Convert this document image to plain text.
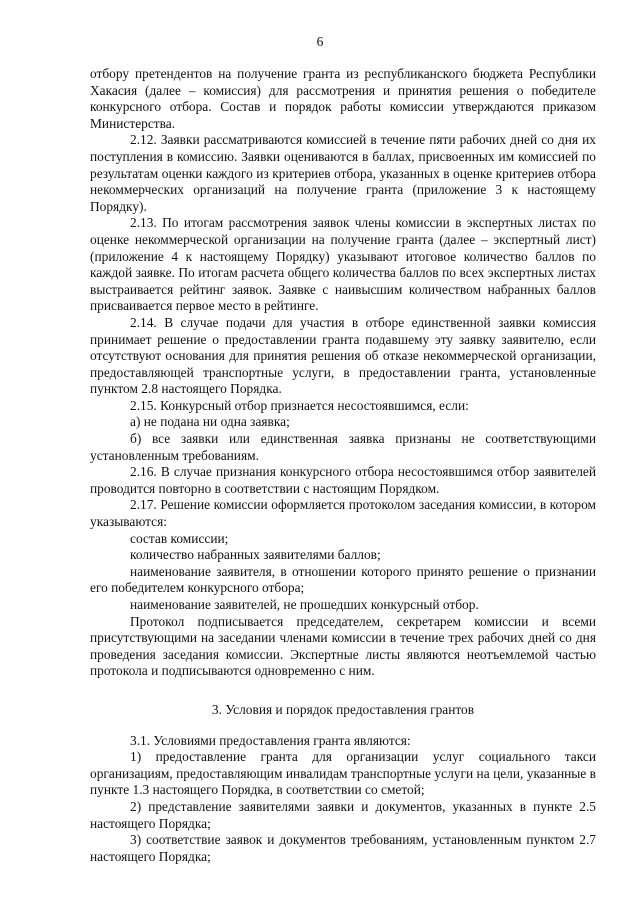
6

отбору претендентов на получение гранта из республиканского бюджета Республики Хакасия (далее – комиссия) для рассмотрения и принятия решения о победителе конкурсного отбора. Состав и порядок работы комиссии утверждаются приказом Министерства.

2.12. Заявки рассматриваются комиссией в течение пяти рабочих дней со дня их поступления в комиссию. Заявки оцениваются в баллах, присвоенных им комиссией по результатам оценки каждого из критериев отбора, указанных в оценке критериев отбора некоммерческих организаций на получение гранта (приложение 3 к настоящему Порядку).

2.13. По итогам рассмотрения заявок члены комиссии в экспертных листах по оценке некоммерческой организации на получение гранта (далее – экспертный лист) (приложение 4 к настоящему Порядку) указывают итоговое количество баллов по каждой заявке. По итогам расчета общего количества баллов по всех экспертных листах выстраивается рейтинг заявок. Заявке с наивысшим количеством набранных баллов присваивается первое место в рейтинге.

2.14. В случае подачи для участия в отборе единственной заявки комиссия принимает решение о предоставлении гранта подавшему эту заявку заявителю, если отсутствуют основания для принятия решения об отказе некоммерческой организации, предоставляющей транспортные услуги, в предоставлении гранта, установленные пунктом 2.8 настоящего Порядка.

2.15. Конкурсный отбор признается несостоявшимся, если:

а) не подана ни одна заявка;

б) все заявки или единственная заявка признаны не соответствующими установленным требованиям.

2.16. В случае признания конкурсного отбора несостоявшимся отбор заявителей проводится повторно в соответствии с настоящим Порядком.

2.17. Решение комиссии оформляется протоколом заседания комиссии, в котором указываются:

состав комиссии;

количество набранных заявителями баллов;

наименование заявителя, в отношении которого принято решение о признании его победителем конкурсного отбора;

наименование заявителей, не прошедших конкурсный отбор.

Протокол подписывается председателем, секретарем комиссии и всеми присутствующими на заседании членами комиссии в течение трех рабочих дней со дня проведения заседания комиссии. Экспертные листы являются неотъемлемой частью протокола и подписываются одновременно с ним.

3. Условия и порядок предоставления грантов

3.1. Условиями предоставления гранта являются:

1) предоставление гранта для организации услуг социального такси организациям, предоставляющим инвалидам транспортные услуги на цели, указанные в пункте 1.3 настоящего Порядка, в соответствии со сметой;

2) представление заявителями заявки и документов, указанных в пункте 2.5 настоящего Порядка;

3) соответствие заявок и документов требованиям, установленным пунктом 2.7 настоящего Порядка;
